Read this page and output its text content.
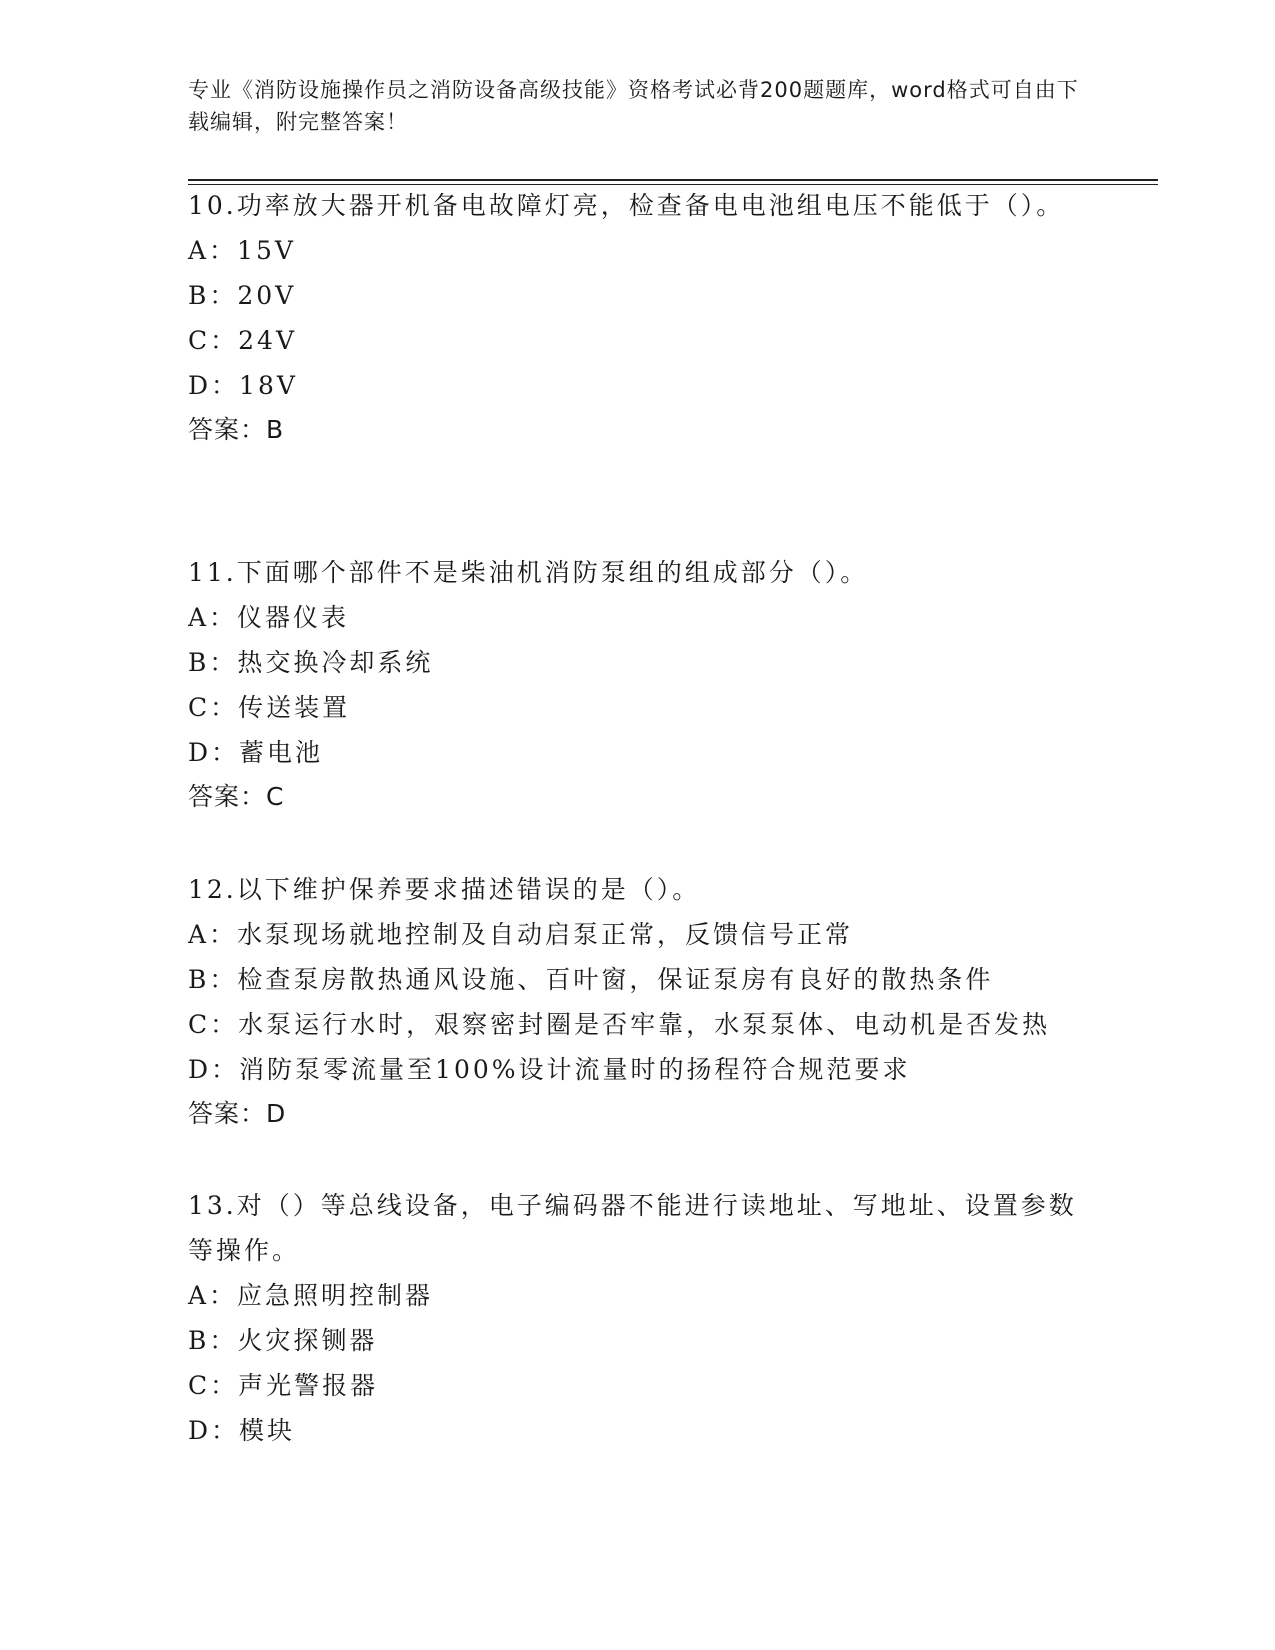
专业《消防设施操作员之消防设备高级技能》资格考试必背200题题库，word格式可自由下载编辑，附完整答案！
10.功率放大器开机备电故障灯亮，检查备电电池组电压不能低于（）。
A：15V
B：20V
C：24V
D：18V
答案：B
11.下面哪个部件不是柴油机消防泵组的组成部分（）。
A：仪器仪表
B：热交换冷却系统
C：传送装置
D：蓄电池
答案：C
12.以下维护保养要求描述错误的是（）。
A：水泵现场就地控制及自动启泵正常，反馈信号正常
B：检查泵房散热通风设施、百叶窗，保证泵房有良好的散热条件
C：水泵运行水时，艰察密封圈是否牢靠，水泵泵体、电动机是否发热
D：消防泵零流量至100%设计流量时的扬程符合规范要求
答案：D
13.对（）等总线设备，电子编码器不能进行读地址、写地址、设置参数等操作。
A：应急照明控制器
B：火灾探铡器
C：声光警报器
D：模块
